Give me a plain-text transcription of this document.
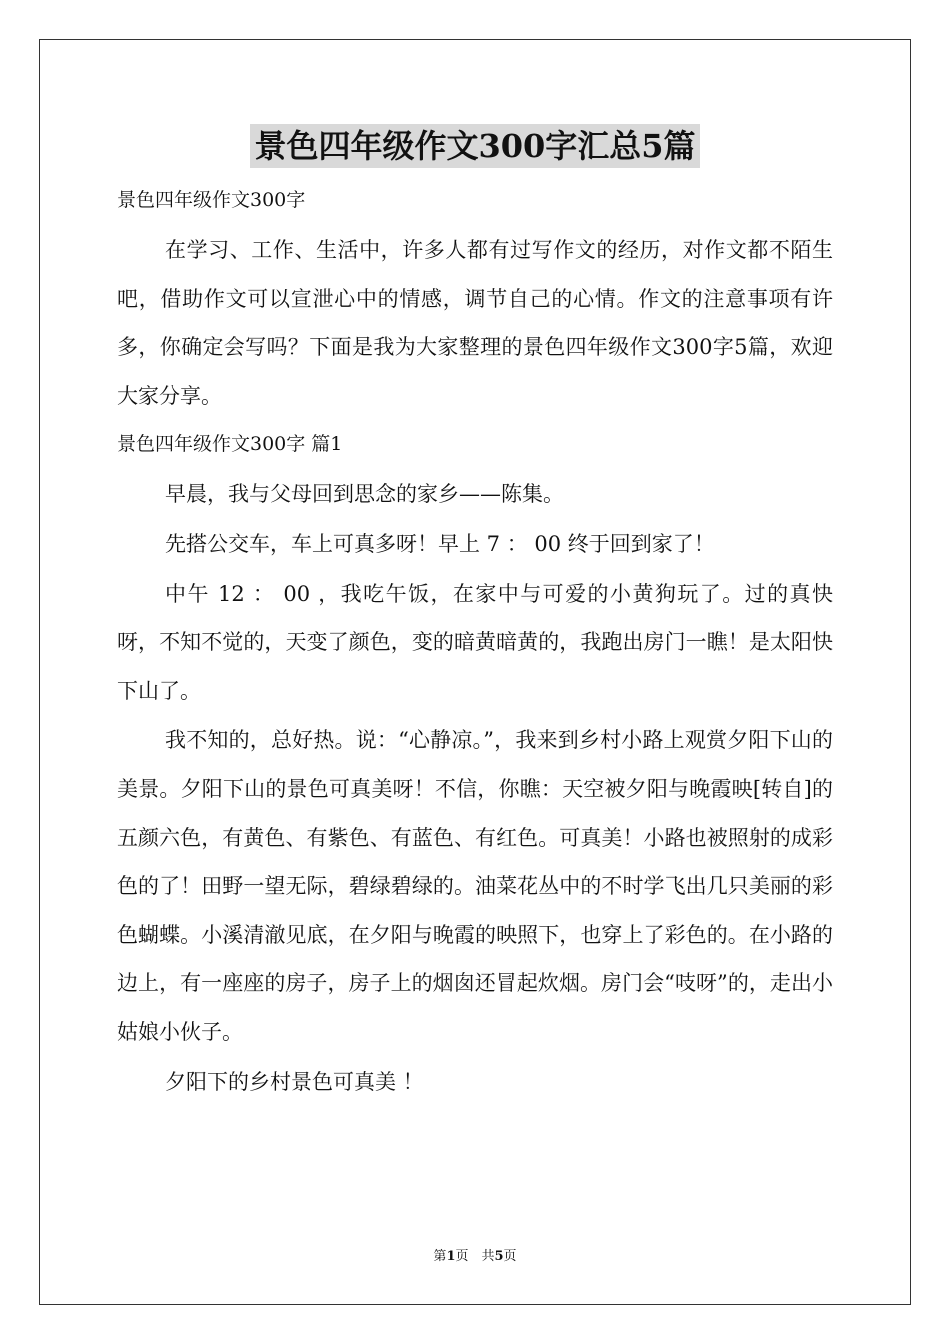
景色四年级作文300字汇总5篇
景色四年级作文300字

在学习、工作、生活中，许多人都有过写作文的经历，对作文都不陌生吧，借助作文可以宣泄心中的情感，调节自己的心情。作文的注意事项有许多，你确定会写吗？下面是我为大家整理的景色四年级作文300字5篇，欢迎大家分享。

景色四年级作文300字 篇1

早晨，我与父母回到思念的家乡——陈集。

先搭公交车，车上可真多呀！早上 7 ： 00 终于回到家了！

中午 12 ： 00 ，我吃午饭，在家中与可爱的小黄狗玩了。过的真快呀，不知不觉的，天变了颜色，变的暗黄暗黄的，我跑出房门一瞧！是太阳快下山了。

我不知的，总好热。说：“心静凉。”，我来到乡村小路上观赏夕阳下山的美景。夕阳下山的景色可真美呀！不信，你瞧：天空被夕阳与晚霞映[转自]的五颜六色，有黄色、有紫色、有蓝色、有红色。可真美！小路也被照射的成彩色的了！田野一望无际，碧绿碧绿的。油菜花丛中的不时学飞出几只美丽的彩色蝴蝶。小溪清澈见底，在夕阳与晚霞的映照下，也穿上了彩色的。在小路的边上，有一座座的房子，房子上的烟囱还冒起炊烟。房门会“吱呀”的，走出小姑娘小伙子。

夕阳下的乡村景色可真美 ！

第1页　共5页
